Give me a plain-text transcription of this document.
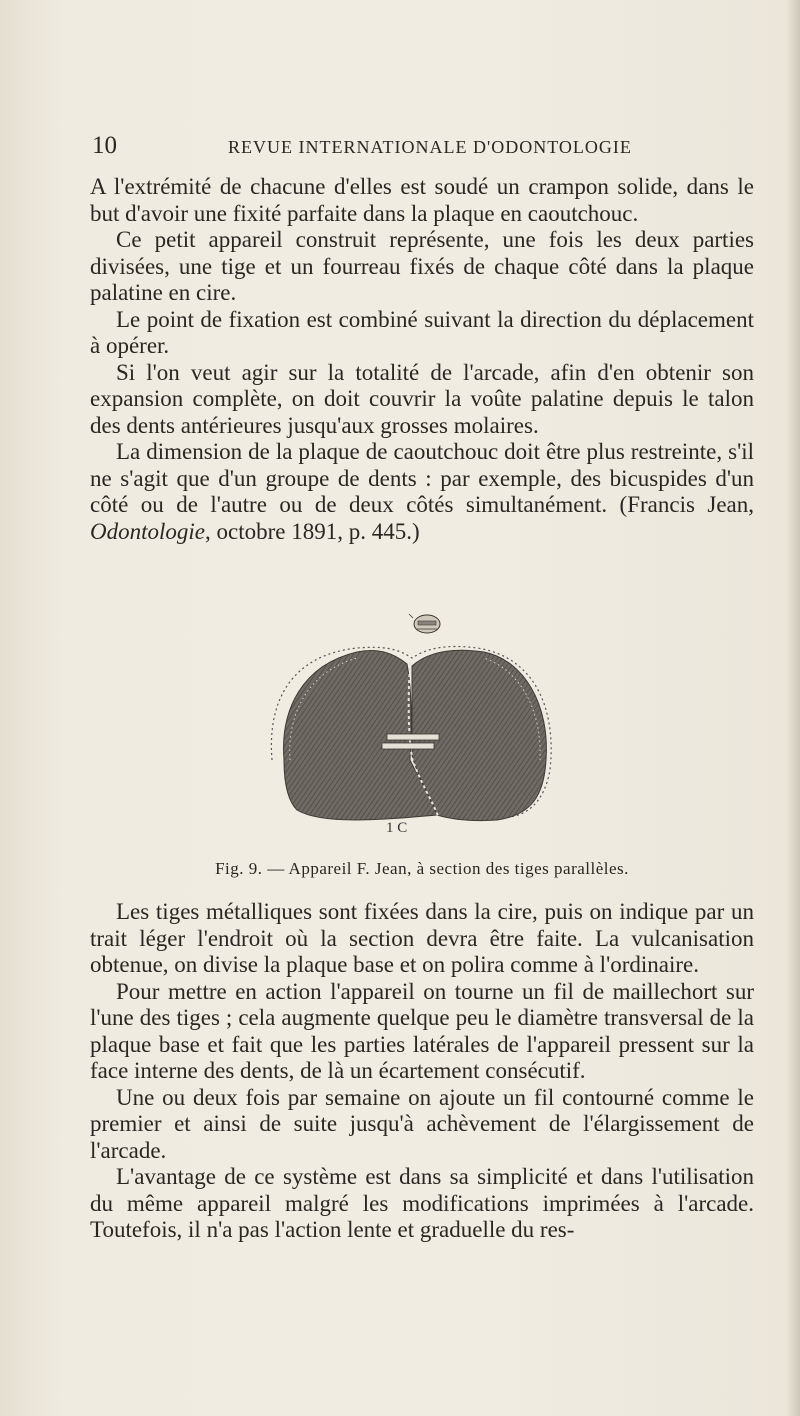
10	REVUE INTERNATIONALE D'ODONTOLOGIE

A l'extrémité de chacune d'elles est soudé un crampon solide, dans le but d'avoir une fixité parfaite dans la plaque en caoutchouc.

Ce petit appareil construit représente, une fois les deux parties divisées, une tige et un fourreau fixés de chaque côté dans la plaque palatine en cire.

Le point de fixation est combiné suivant la direction du déplacement à opérer.

Si l'on veut agir sur la totalité de l'arcade, afin d'en obtenir son expansion complète, on doit couvrir la voûte palatine depuis le talon des dents antérieures jusqu'aux grosses molaires.

La dimension de la plaque de caoutchouc doit être plus restreinte, s'il ne s'agit que d'un groupe de dents : par exemple, des bicuspides d'un côté ou de l'autre ou de deux côtés simultanément. (Francis Jean, Odontologie, octobre 1891, p. 445.)

1 C
Fig. 9. — Appareil F. Jean, à section des tiges parallèles.

Les tiges métalliques sont fixées dans la cire, puis on indique par un trait léger l'endroit où la section devra être faite. La vulcanisation obtenue, on divise la plaque base et on polira comme à l'ordinaire.

Pour mettre en action l'appareil on tourne un fil de maillechort sur l'une des tiges ; cela augmente quelque peu le diamètre transversal de la plaque base et fait que les parties latérales de l'appareil pressent sur la face interne des dents, de là un écartement consécutif.

Une ou deux fois par semaine on ajoute un fil contourné comme le premier et ainsi de suite jusqu'à achèvement de l'élargissement de l'arcade.

L'avantage de ce système est dans sa simplicité et dans l'utilisation du même appareil malgré les modifications imprimées à l'arcade. Toutefois, il n'a pas l'action lente et graduelle du res-
